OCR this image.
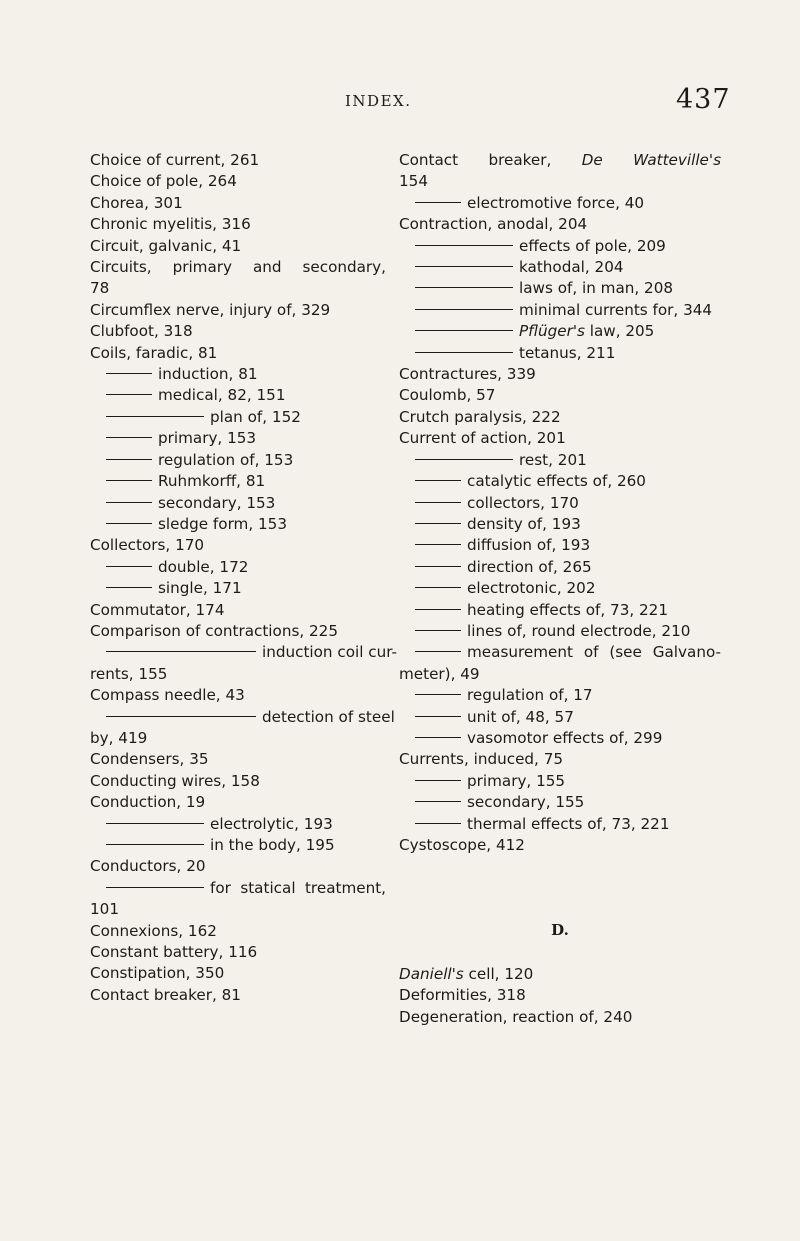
INDEX.	437
Choice of current, 261
Choice of pole, 264
Chorea, 301
Chronic myelitis, 316
Circuit, galvanic, 41
Circuits, primary and secondary,
78
Circumflex nerve, injury of, 329
Clubfoot, 318
Coils, faradic, 81
induction, 81
medical, 82, 151
plan of, 152
primary, 153
regulation of, 153
Ruhmkorff, 81
secondary, 153
sledge form, 153
Collectors, 170
double, 172
single, 171
Commutator, 174
Comparison of contractions, 225
induction coil cur-
rents, 155
Compass needle, 43
detection of steel
by, 419
Condensers, 35
Conducting wires, 158
Conduction, 19
electrolytic, 193
in the body, 195
Conductors, 20
for statical treatment,
101
Connexions, 162
Constant battery, 116
Constipation, 350
Contact breaker, 81
Contact breaker, De Watteville's
154
electromotive force, 40
Contraction, anodal, 204
effects of pole, 209
kathodal, 204
laws of, in man, 208
minimal currents for, 344
Pflüger's law, 205
tetanus, 211
Contractures, 339
Coulomb, 57
Crutch paralysis, 222
Current of action, 201
rest, 201
catalytic effects of, 260
collectors, 170
density of, 193
diffusion of, 193
direction of, 265
electrotonic, 202
heating effects of, 73, 221
lines of, round electrode, 210
measurement of (see Galvano-
meter), 49
regulation of, 17
unit of, 48, 57
vasomotor effects of, 299
Currents, induced, 75
primary, 155
secondary, 155
thermal effects of, 73, 221
Cystoscope, 412
D.
Daniell's cell, 120
Deformities, 318
Degeneration, reaction of, 240
